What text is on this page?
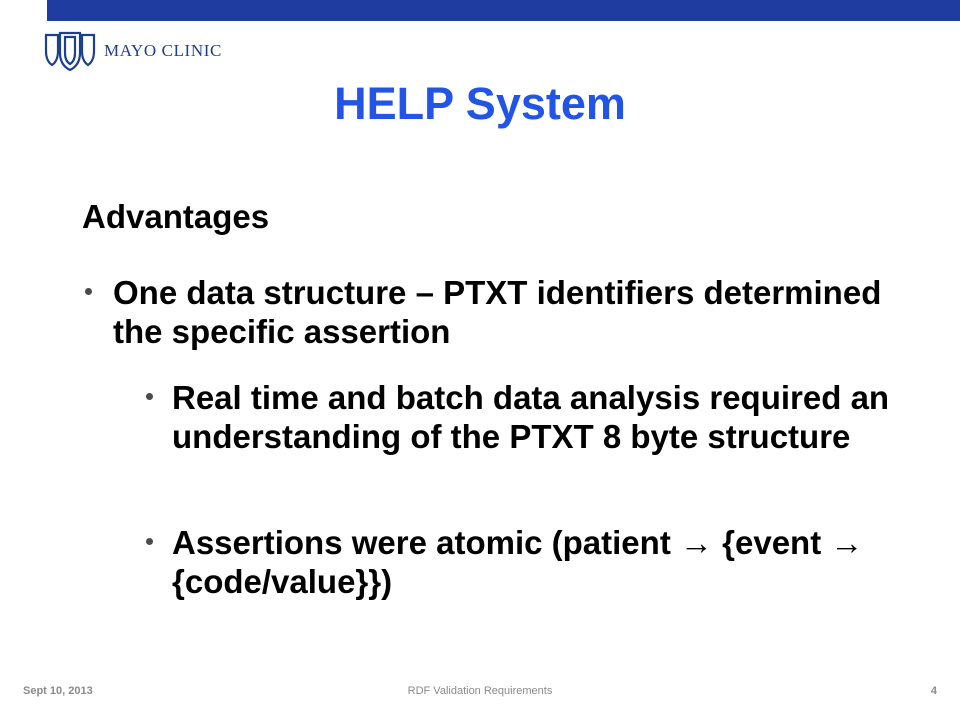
MAYO CLINIC
HELP System
Advantages
One data structure – PTXT identifiers determined the specific assertion
Real time and batch data analysis required an understanding of the PTXT 8 byte structure
Assertions were atomic (patient → {event → {code/value}})
Sept 10, 2013	RDF Validation Requirements	4
